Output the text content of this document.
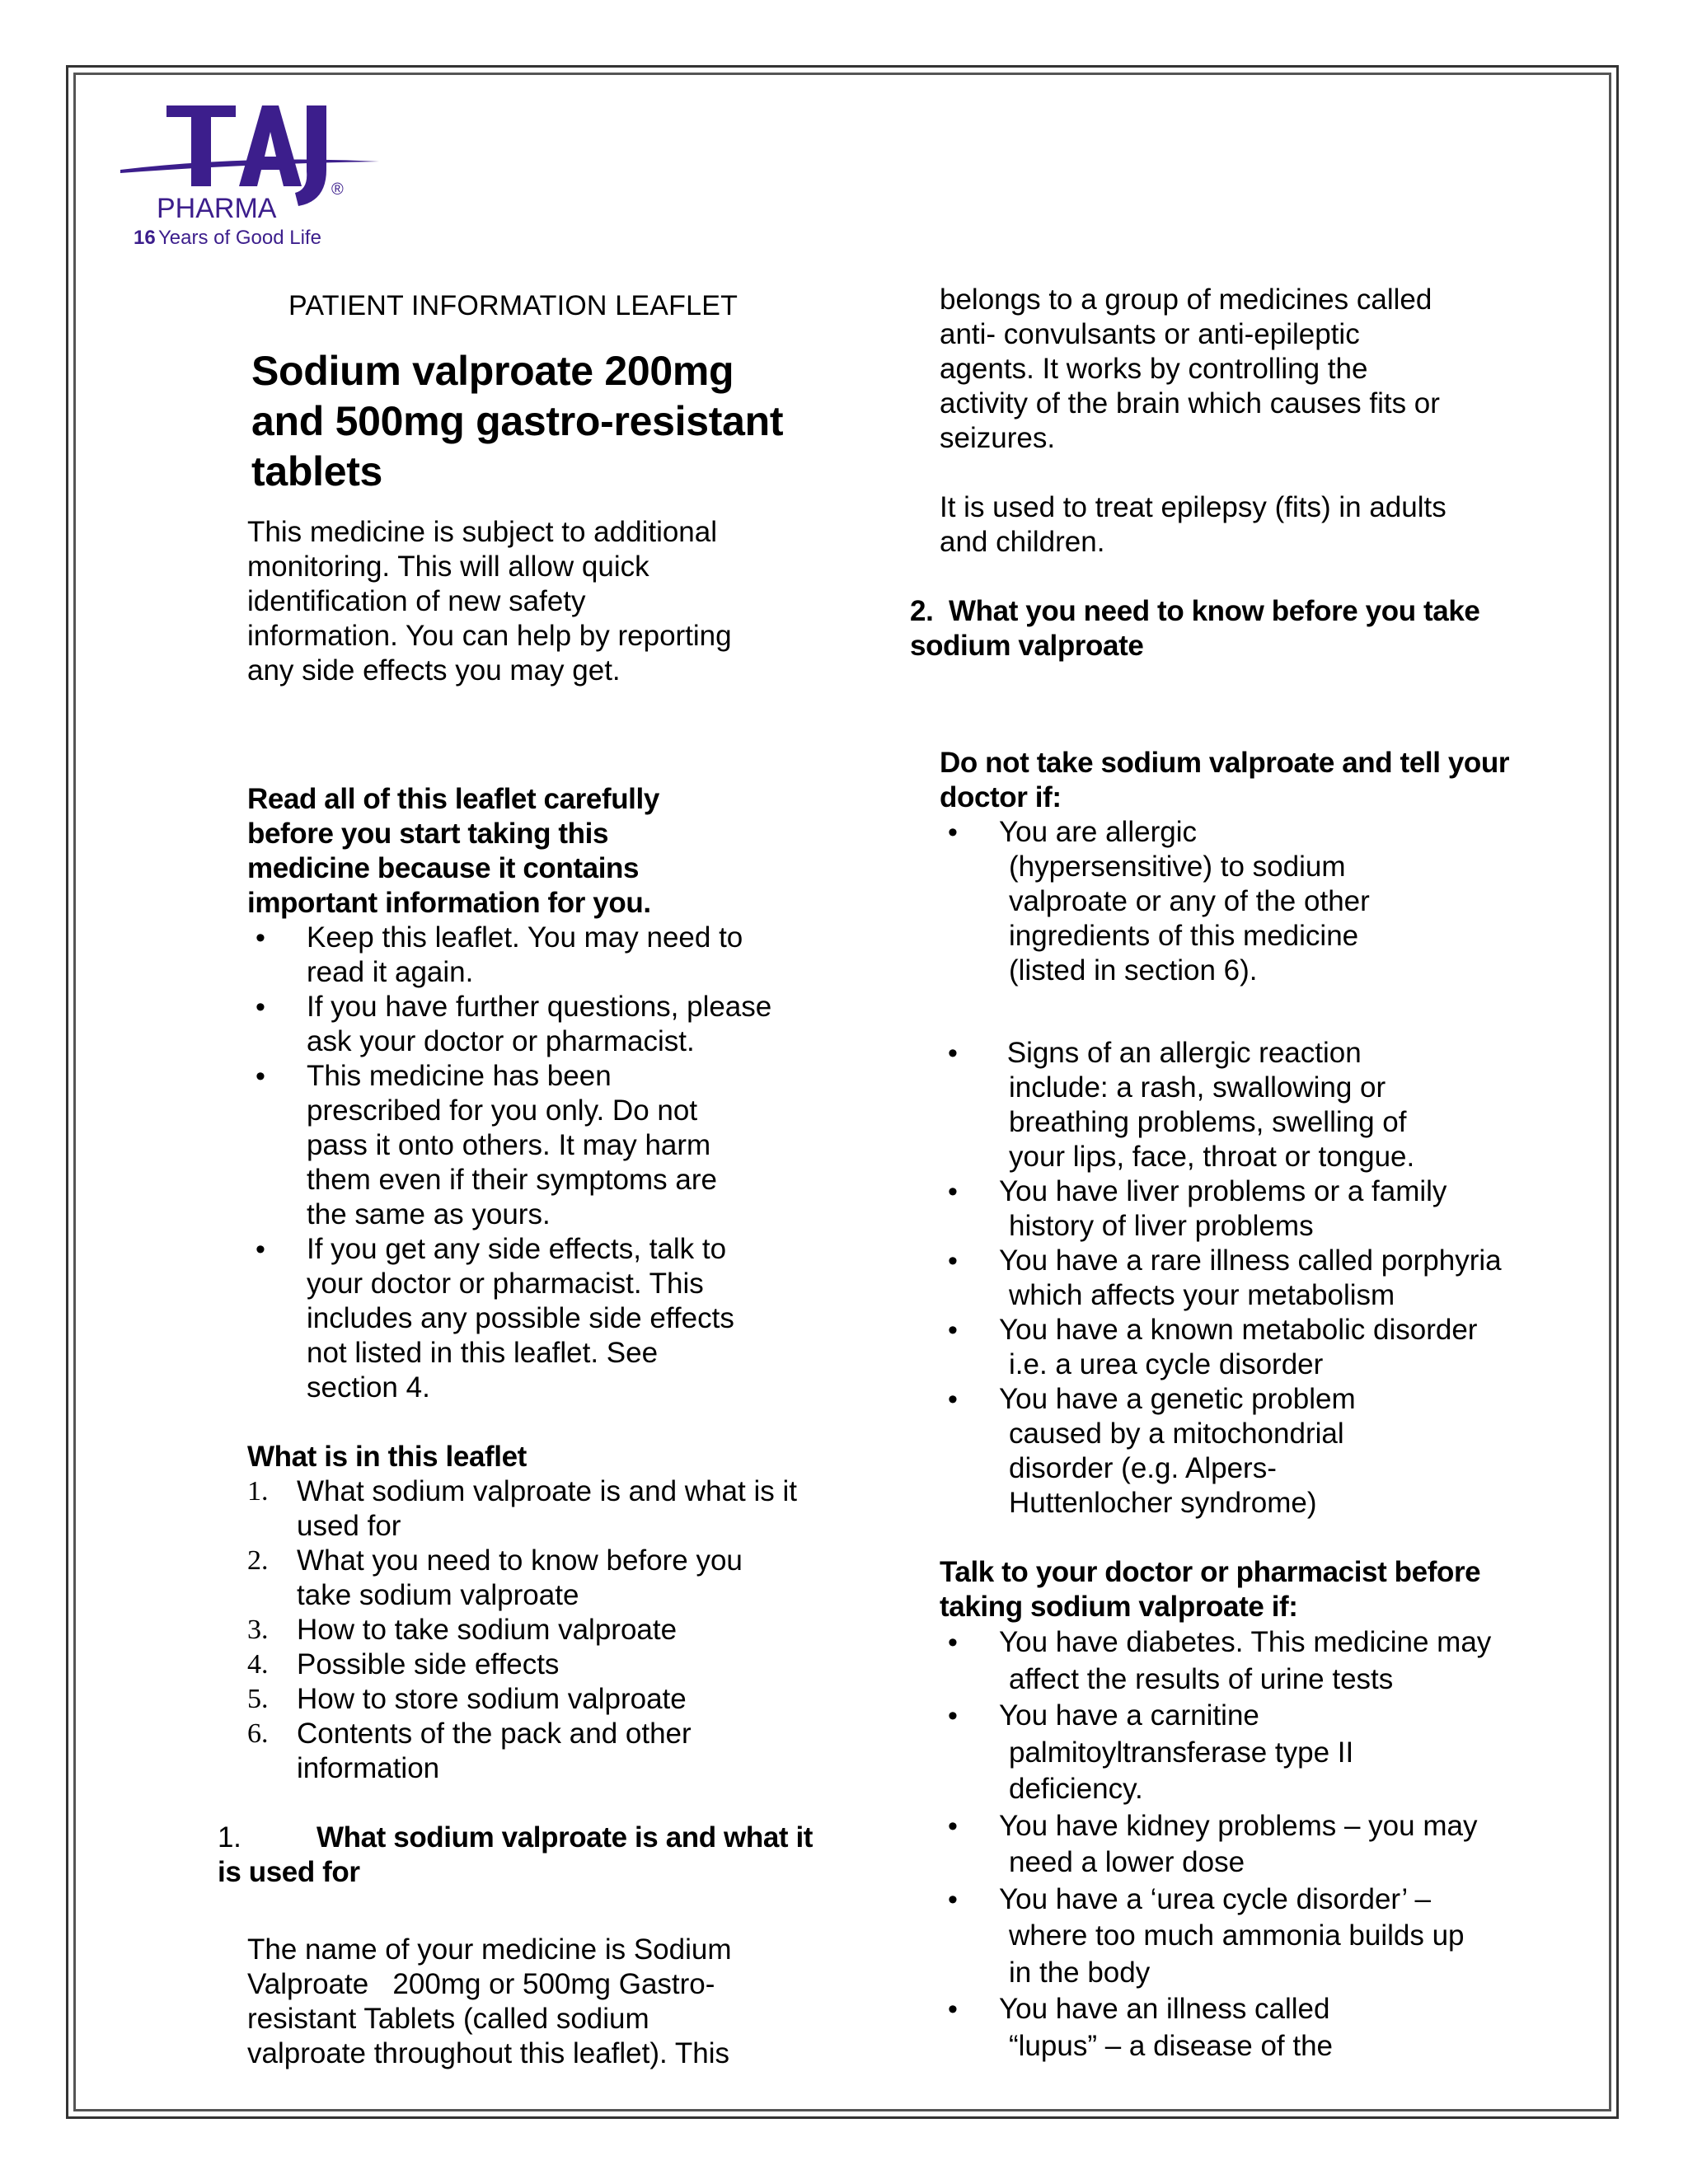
®
PHARMA
16 Years of Good Life

PATIENT INFORMATION LEAFLET

Sodium valproate 200mg
and 500mg gastro-resistant
tablets
This medicine is subject to additional
monitoring. This will allow quick
identification of new safety
information. You can help by reporting
any side effects you may get.
Read all of this leaflet carefully
before you start taking this
medicine because it contains
important information for you.
• Keep this leaflet. You may need to
read it again.
• If you have further questions, please
ask your doctor or pharmacist.
• This medicine has been
prescribed for you only. Do not
pass it onto others. It may harm
them even if their symptoms are
the same as yours.
• If you get any side effects, talk to
your doctor or pharmacist. This
includes any possible side effects
not listed in this leaflet. See
section 4.
What is in this leaflet
1. What sodium valproate is and what is it
used for
2. What you need to know before you
take sodium valproate
3. How to take sodium valproate
4. Possible side effects
5. How to store sodium valproate
6. Contents of the pack and other
information
1.	What sodium valproate is and what it
is used for
The name of your medicine is Sodium
Valproate   200mg or 500mg Gastro-
resistant Tablets (called sodium
valproate throughout this leaflet). This
belongs to a group of medicines called
anti- convulsants or anti-epileptic
agents. It works by controlling the
activity of the brain which causes fits or
seizures.
It is used to treat epilepsy (fits) in adults
and children.
2.  What you need to know before you take
sodium valproate
Do not take sodium valproate and tell your
doctor if:
• You are allergic
(hypersensitive) to sodium
valproate or any of the other
ingredients of this medicine
(listed in section 6).
•  Signs of an allergic reaction
include: a rash, swallowing or
breathing problems, swelling of
your lips, face, throat or tongue.
• You have liver problems or a family
history of liver problems
• You have a rare illness called porphyria
which affects your metabolism
• You have a known metabolic disorder
i.e. a urea cycle disorder
• You have a genetic problem
caused by a mitochondrial
disorder (e.g. Alpers-
Huttenlocher syndrome)
Talk to your doctor or pharmacist before
taking sodium valproate if:
• You have diabetes. This medicine may
affect the results of urine tests
• You have a carnitine
palmitoyltransferase type II
deficiency.
• You have kidney problems – you may
need a lower dose
• You have a ‘urea cycle disorder’ –
where too much ammonia builds up
in the body
• You have an illness called
“lupus” – a disease of the
